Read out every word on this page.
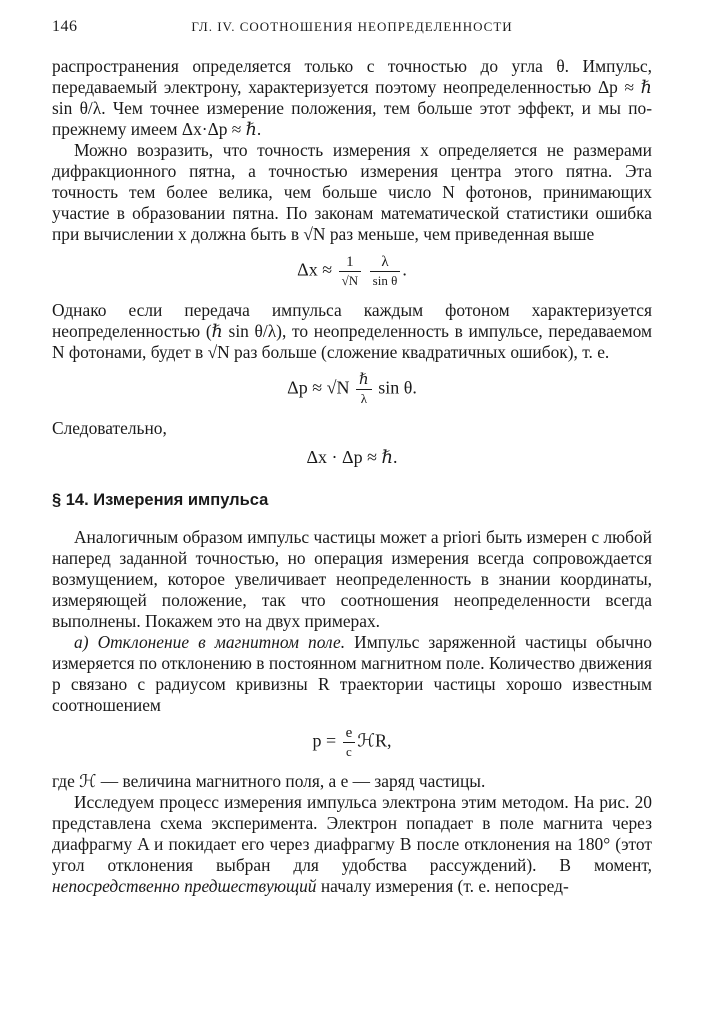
146	ГЛ. IV. СООТНОШЕНИЯ НЕОПРЕДЕЛЕННОСТИ

распространения определяется только с точностью до угла θ. Импульс, передаваемый электрону, характеризуется поэтому неопределенностью Δp ≈ ℏ sin θ/λ. Чем точнее измерение положения, тем больше этот эффект, и мы по-прежнему имеем Δx·Δp ≈ ℏ.

Можно возразить, что точность измерения x определяется не размерами дифракционного пятна, а точностью измерения центра этого пятна. Эта точность тем более велика, чем больше число N фотонов, принимающих участие в образовании пятна. По законам математической статистики ошибка при вычислении x должна быть в √N раз меньше, чем приведенная выше

$\Delta x \approx \frac{1}{√N}$
$\frac{\lambda}{\text{sin θ}}$ .

Однако если передача импульса каждым фотоном характеризуется неопределенностью (ℏ sin θ/λ), то неопределенность в импульсе, передаваемом N фотонами, будет в √N раз больше (сложение квадратичных ошибок), т. е.

$\Delta p \approx √N \frac{\text{ℏ}}{\lambda}$ sin θ.

Следовательно,

Δx · Δp ≈ ℏ.
§ 14. Измерения импульса

Аналогичным образом импульс частицы может a priori быть измерен с любой наперед заданной точностью, но операция измерения всегда сопровождается возмущением, которое увеличивает неопределенность в знании координаты, измеряющей положение, так что соотношения неопределенности всегда выполнены. Покажем это на двух примерах.

а) Отклонение в магнитном поле. Импульс заряженной частицы обычно измеряется по отклонению в постоянном магнитном поле. Количество движения p связано с радиусом кривизны R траектории частицы хорошо известным соотношением

$p = \frac{e}{c}$ ℋR,

где ℋ — величина магнитного поля, а e — заряд частицы.

Исследуем процесс измерения импульса электрона этим методом. На рис. 20 представлена схема эксперимента. Электрон попадает в поле магнита через диафрагму A и покидает его через диафрагму B после отклонения на 180° (этот угол отклонения выбран для удобства рассуждений). В момент, непосредственно предшествующий началу измерения (т. е. непосред-
